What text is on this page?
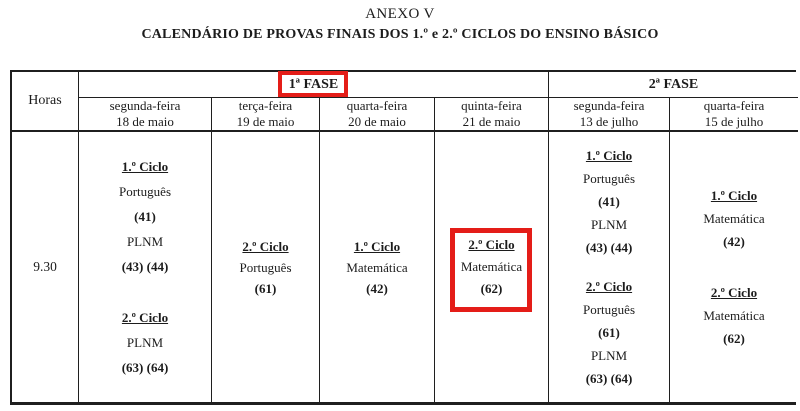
ANEXO V
CALENDÁRIO DE PROVAS FINAIS DOS 1.º e 2.º CICLOS DO ENSINO BÁSICO
Horas
1ª FASE	2ª FASE
segunda-feira
18 de maio
terça-feira
19 de maio
quarta-feira
20 de maio
quinta-feira
21 de maio
segunda-feira
13 de julho
quarta-feira
15 de julho
9.30
1.º Ciclo
Português
(41)
PLNM
(43) (44)
2.º Ciclo
PLNM
(63) (64)
2.º Ciclo
Português
(61)
1.º Ciclo
Matemática
(42)
2.º Ciclo
Matemática
(62)
1.º Ciclo
Português
(41)
PLNM
(43) (44)
2.º Ciclo
Português
(61)
PLNM
(63) (64)
1.º Ciclo
Matemática
(42)
2.º Ciclo
Matemática
(62)
